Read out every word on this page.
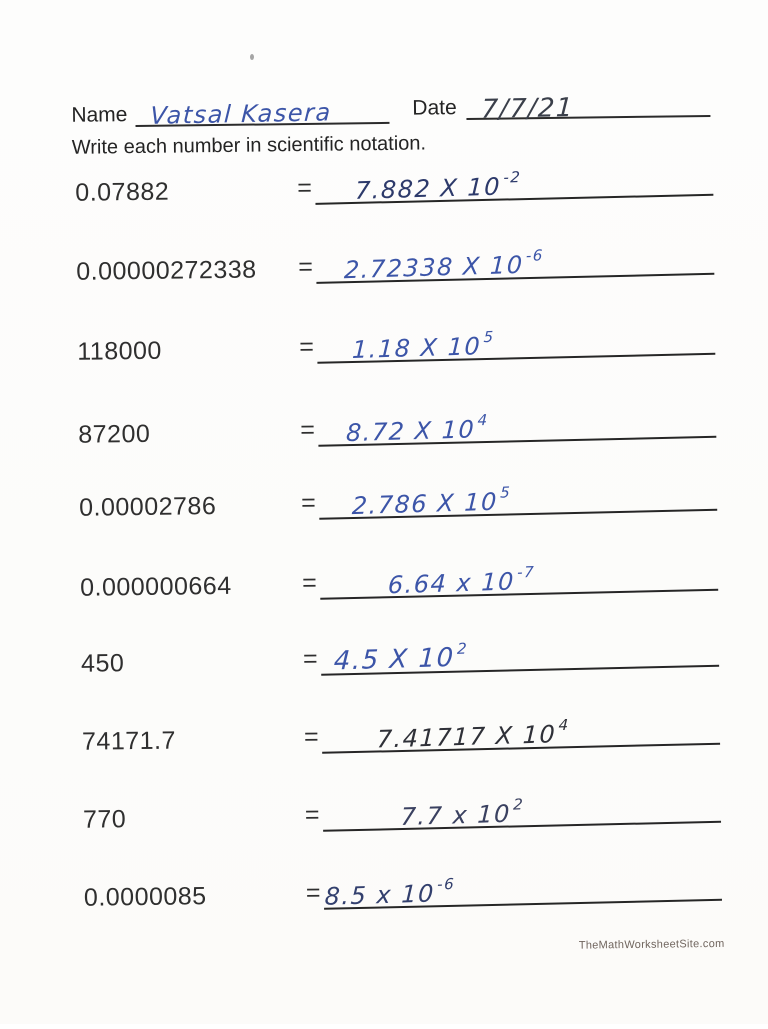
Name Vatsal Kasera	Date 7/7/21
Write each number in scientific notation.
0.07882	= 7.882 X $10^{-2}$
0.00000272338 = 2.72338 X $10^{-6}$
118000	= 1.18 X $10^5$
87200	= 8.72 X $10^4$
0.00002786	= 2.786 X $10^5$
0.000000664	=	6.64 x $10^{-7}$
450	= 4.5 X $10^2$
74171.7	= 7.41717 X $10^4$
770	=	7.7 x $10^2$
0.0000085	= 8.5 x $10^{-6}$
TheMathWorksheetSite.com
